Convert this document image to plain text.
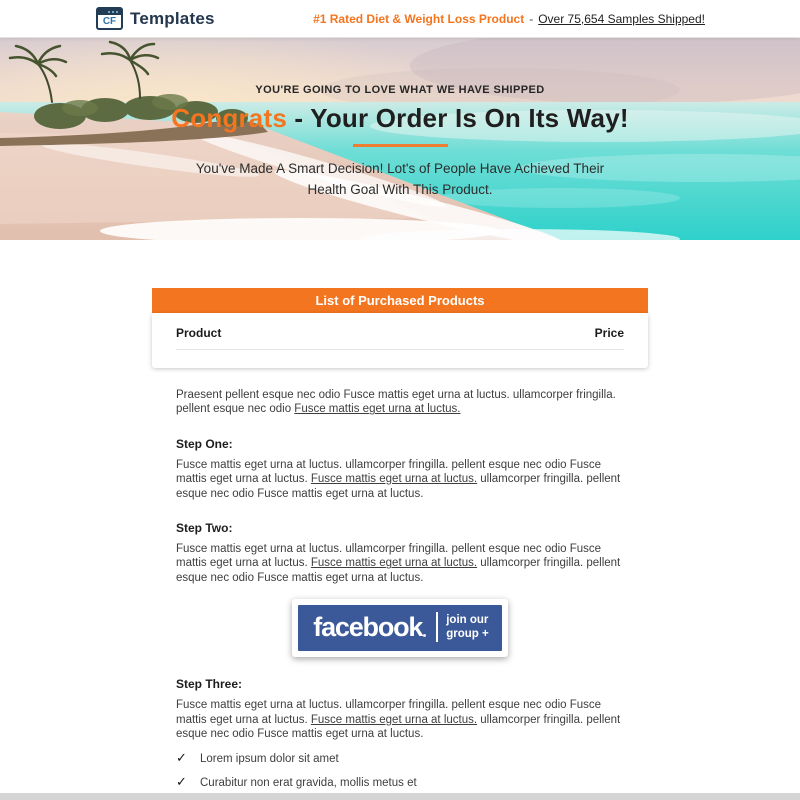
CF Templates	#1 Rated Diet & Weight Loss Product - Over 75,654 Samples Shipped!
YOU'RE GOING TO LOVE WHAT WE HAVE SHIPPED
Congrats - Your Order Is On Its Way!
You've Made A Smart Decision! Lot's of People Have Achieved Their Health Goal With This Product.
List of Purchased Products
Product	Price

Praesent pellent esque nec odio Fusce mattis eget urna at luctus. ullamcorper fringilla. pellent esque nec odio Fusce mattis eget urna at luctus.

Step One:

Fusce mattis eget urna at luctus. ullamcorper fringilla. pellent esque nec odio Fusce mattis eget urna at luctus. Fusce mattis eget urna at luctus. ullamcorper fringilla. pellent esque nec odio Fusce mattis eget urna at luctus.

Step Two:

Fusce mattis eget urna at luctus. ullamcorper fringilla. pellent esque nec odio Fusce mattis eget urna at luctus. Fusce mattis eget urna at luctus. ullamcorper fringilla. pellent esque nec odio Fusce mattis eget urna at luctus.

facebook join our
group +
Step Three:

Fusce mattis eget urna at luctus. ullamcorper fringilla. pellent esque nec odio Fusce mattis eget urna at luctus. Fusce mattis eget urna at luctus. ullamcorper fringilla. pellent esque nec odio Fusce mattis eget urna at luctus.

✓ Lorem ipsum dolor sit amet
✓ Curabitur non erat gravida, mollis metus et
